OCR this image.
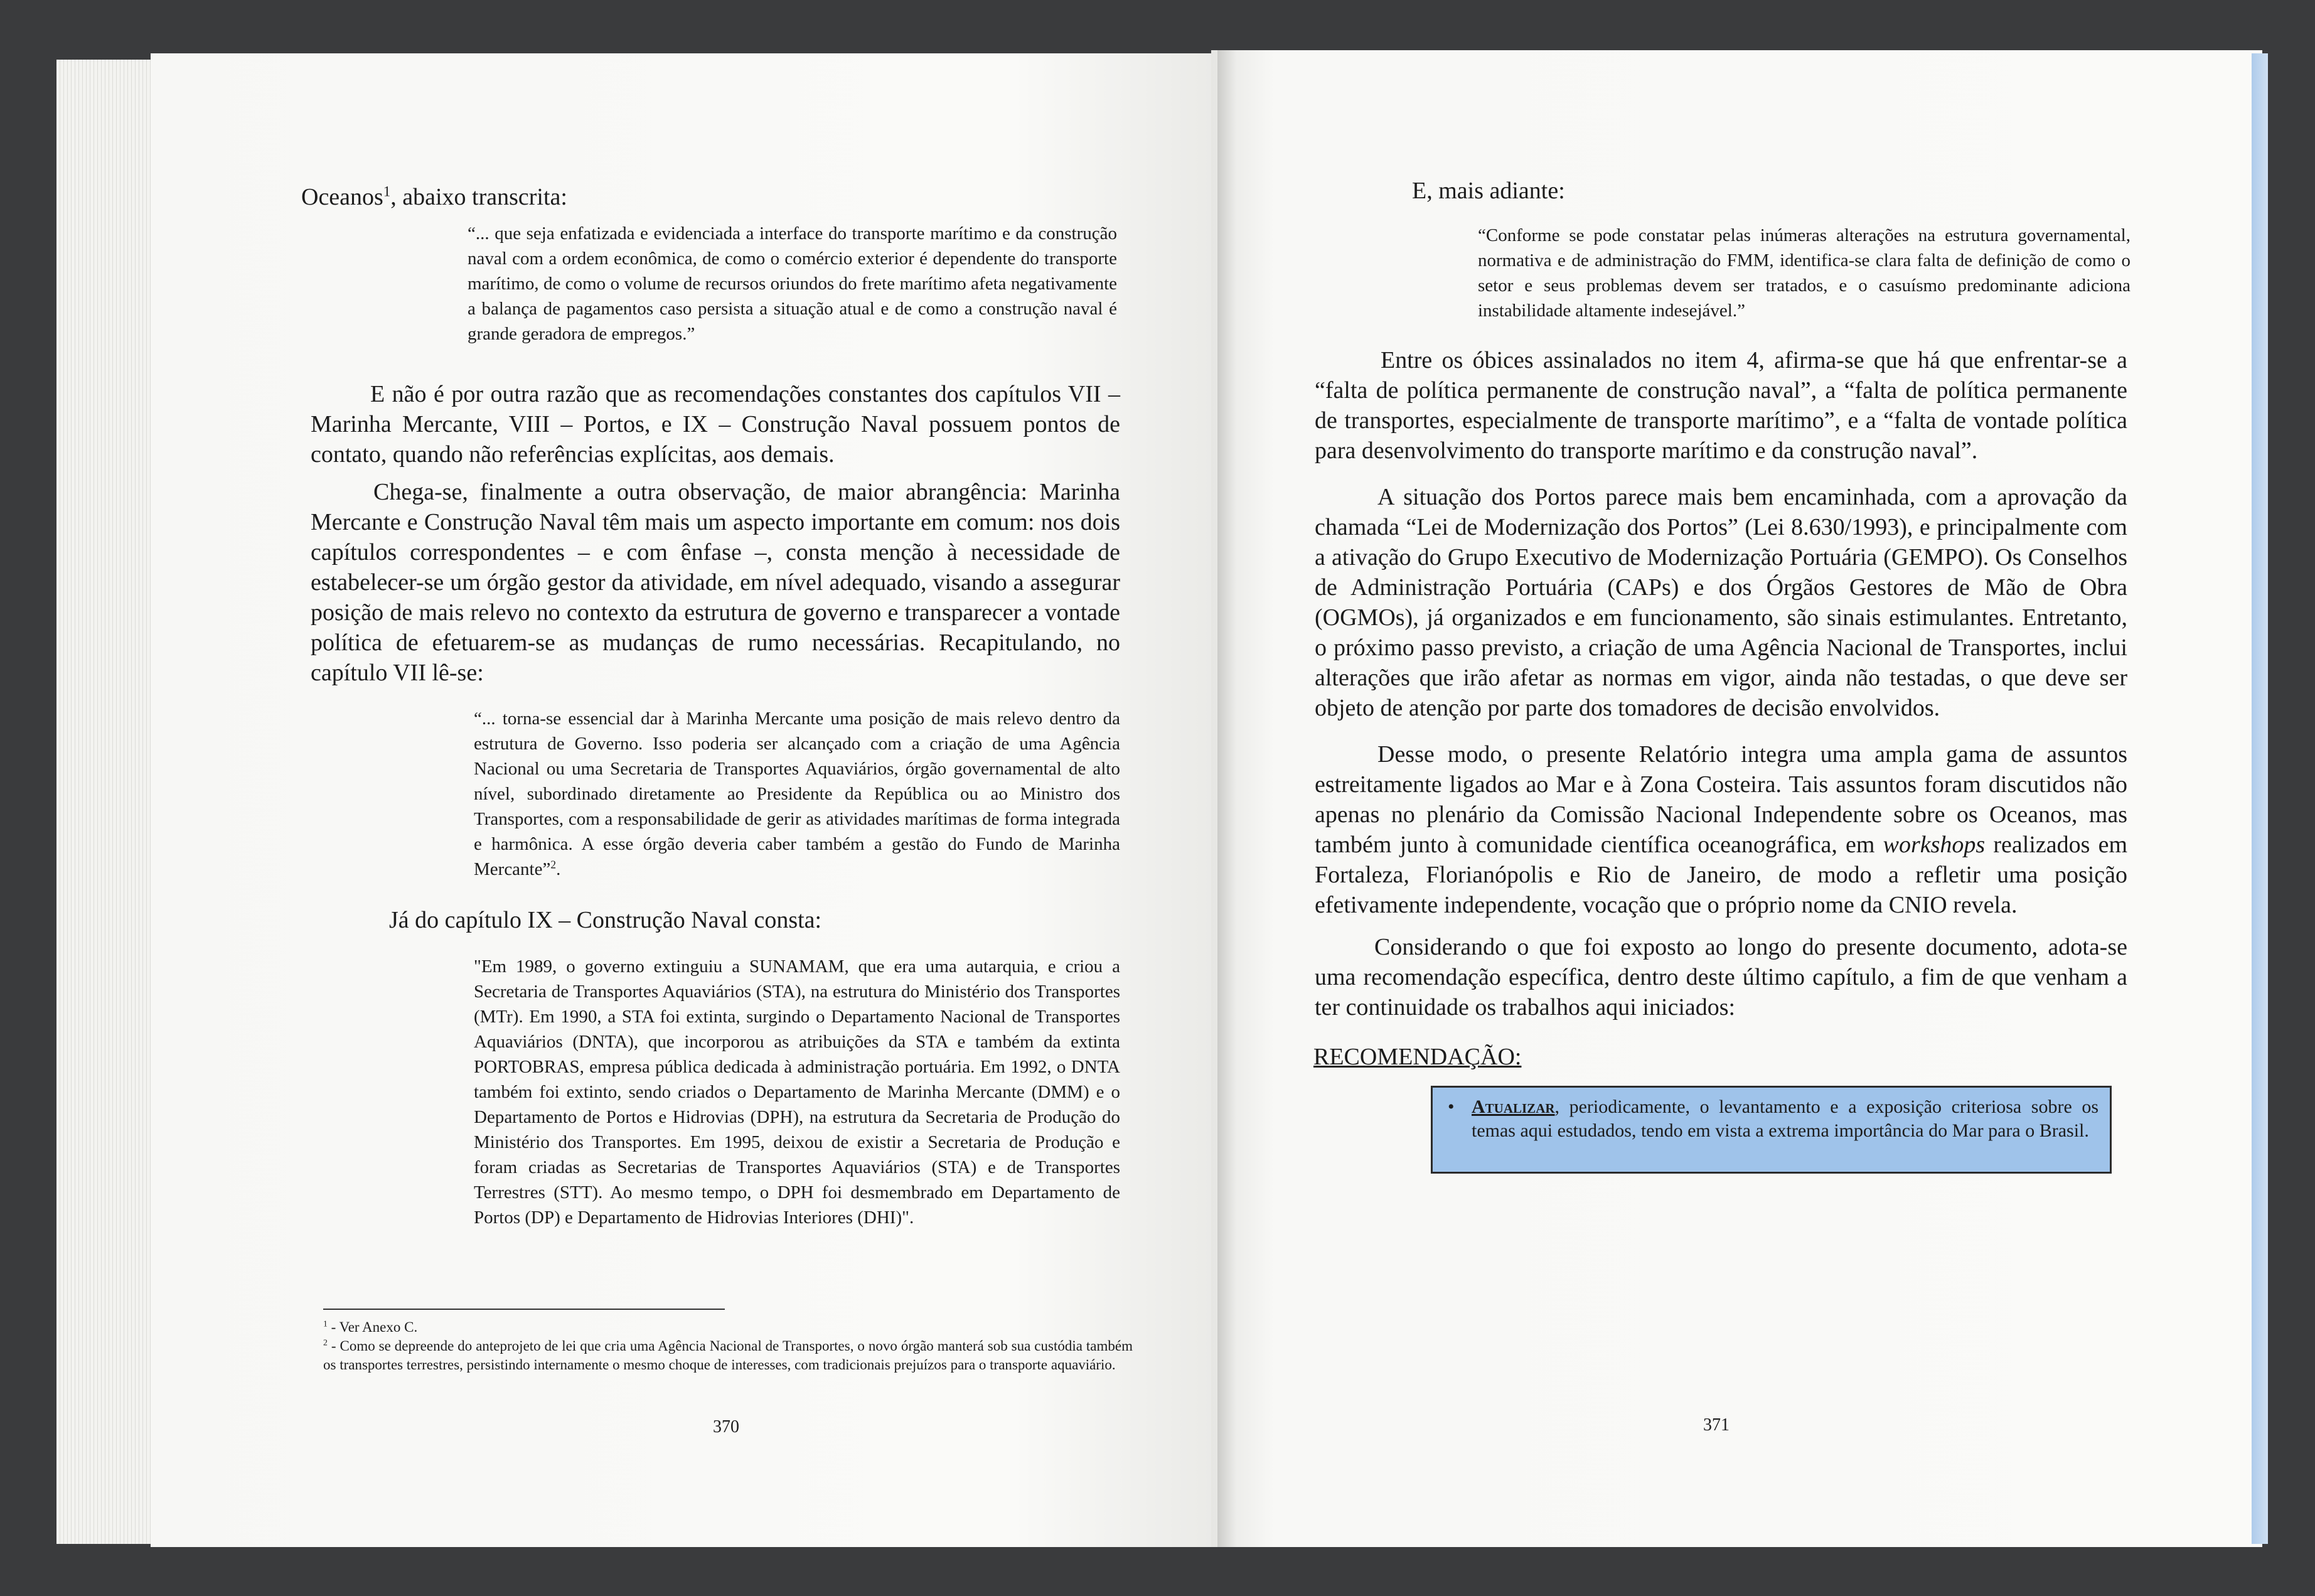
Oceanos$^1$, abaixo transcrita:

“... que seja enfatizada e evidenciada a interface do transporte marítimo e da construção naval com a ordem econômica, de como o comércio exterior é dependente do transporte marítimo, de como o volume de recursos oriundos do frete marítimo afeta negativamente a balança de pagamentos caso persista a situação atual e de como a construção naval é grande geradora de empregos.”

E não é por outra razão que as recomendações constantes dos capítulos VII – Marinha Mercante, VIII – Portos, e IX – Construção Naval possuem pontos de contato, quando não referências explícitas, aos demais.

Chega-se, finalmente a outra observação, de maior abrangência: Marinha Mercante e Construção Naval têm mais um aspecto importante em comum: nos dois capítulos correspondentes – e com ênfase –, consta menção à necessidade de estabelecer-se um órgão gestor da atividade, em nível adequado, visando a assegurar posição de mais relevo no contexto da estrutura de governo e transparecer a vontade política de efetuarem-se as mudanças de rumo necessárias. Recapitulando, no capítulo VII lê-se:

“... torna-se essencial dar à Marinha Mercante uma posição de mais relevo dentro da estrutura de Governo. Isso poderia ser alcançado com a criação de uma Agência Nacional ou uma Secretaria de Transportes Aquaviários, órgão governamental de alto nível, subordinado diretamente ao Presidente da República ou ao Ministro dos Transportes, com a responsabilidade de gerir as atividades marítimas de forma integrada e harmônica. A esse órgão deveria caber também a gestão do Fundo de Marinha Mercante”$^2$.

Já do capítulo IX – Construção Naval consta:

"Em 1989, o governo extinguiu a SUNAMAM, que era uma autarquia, e criou a Secretaria de Transportes Aquaviários (STA), na estrutura do Ministério dos Transportes (MTr). Em 1990, a STA foi extinta, surgindo o Departamento Nacional de Transportes Aquaviários (DNTA), que incorporou as atribuições da STA e também da extinta PORTOBRAS, empresa pública dedicada à administração portuária. Em 1992, o DNTA também foi extinto, sendo criados o Departamento de Marinha Mercante (DMM) e o Departamento de Portos e Hidrovias (DPH), na estrutura da Secretaria de Produção do Ministério dos Transportes. Em 1995, deixou de existir a Secretaria de Produção e foram criadas as Secretarias de Transportes Aquaviários (STA) e de Transportes Terrestres (STT). Ao mesmo tempo, o DPH foi desmembrado em Departamento de Portos (DP) e Departamento de Hidrovias Interiores (DHI)".

$^1$ - Ver Anexo C.

$^2$ - Como se depreende do anteprojeto de lei que cria uma Agência Nacional de Transportes, o novo órgão manterá sob sua custódia também os transportes terrestres, persistindo internamente o mesmo choque de interesses, com tradicionais prejuízos para o transporte aquaviário.

370

E, mais adiante:

“Conforme se pode constatar pelas inúmeras alterações na estrutura governamental, normativa e de administração do FMM, identifica-se clara falta de definição de como o setor e seus problemas devem ser tratados, e o casuísmo predominante adiciona instabilidade altamente indesejável.”

Entre os óbices assinalados no item 4, afirma-se que há que enfrentar-se a “falta de política permanente de construção naval”, a “falta de política permanente de transportes, especialmente de transporte marítimo”, e a “falta de vontade política para desenvolvimento do transporte marítimo e da construção naval”.

A situação dos Portos parece mais bem encaminhada, com a aprovação da chamada “Lei de Modernização dos Portos” (Lei 8.630/1993), e principalmente com a ativação do Grupo Executivo de Modernização Portuária (GEMPO). Os Conselhos de Administração Portuária (CAPs) e dos Órgãos Gestores de Mão de Obra (OGMOs), já organizados e em funcionamento, são sinais estimulantes. Entretanto, o próximo passo previsto, a criação de uma Agência Nacional de Transportes, inclui alterações que irão afetar as normas em vigor, ainda não testadas, o que deve ser objeto de atenção por parte dos tomadores de decisão envolvidos.

Desse modo, o presente Relatório integra uma ampla gama de assuntos estreitamente ligados ao Mar e à Zona Costeira. Tais assuntos foram discutidos não apenas no plenário da Comissão Nacional Independente sobre os Oceanos, mas também junto à comunidade científica oceanográfica, em workshops realizados em Fortaleza, Florianópolis e Rio de Janeiro, de modo a refletir uma posição efetivamente independente, vocação que o próprio nome da CNIO revela.

Considerando o que foi exposto ao longo do presente documento, adota-se uma recomendação específica, dentro deste último capítulo, a fim de que venham a ter continuidade os trabalhos aqui iniciados:

RECOMENDAÇÃO:

• Atualizar, periodicamente, o levantamento e a exposição criteriosa sobre os temas aqui estudados, tendo em vista a extrema importância do Mar para o Brasil.

371
